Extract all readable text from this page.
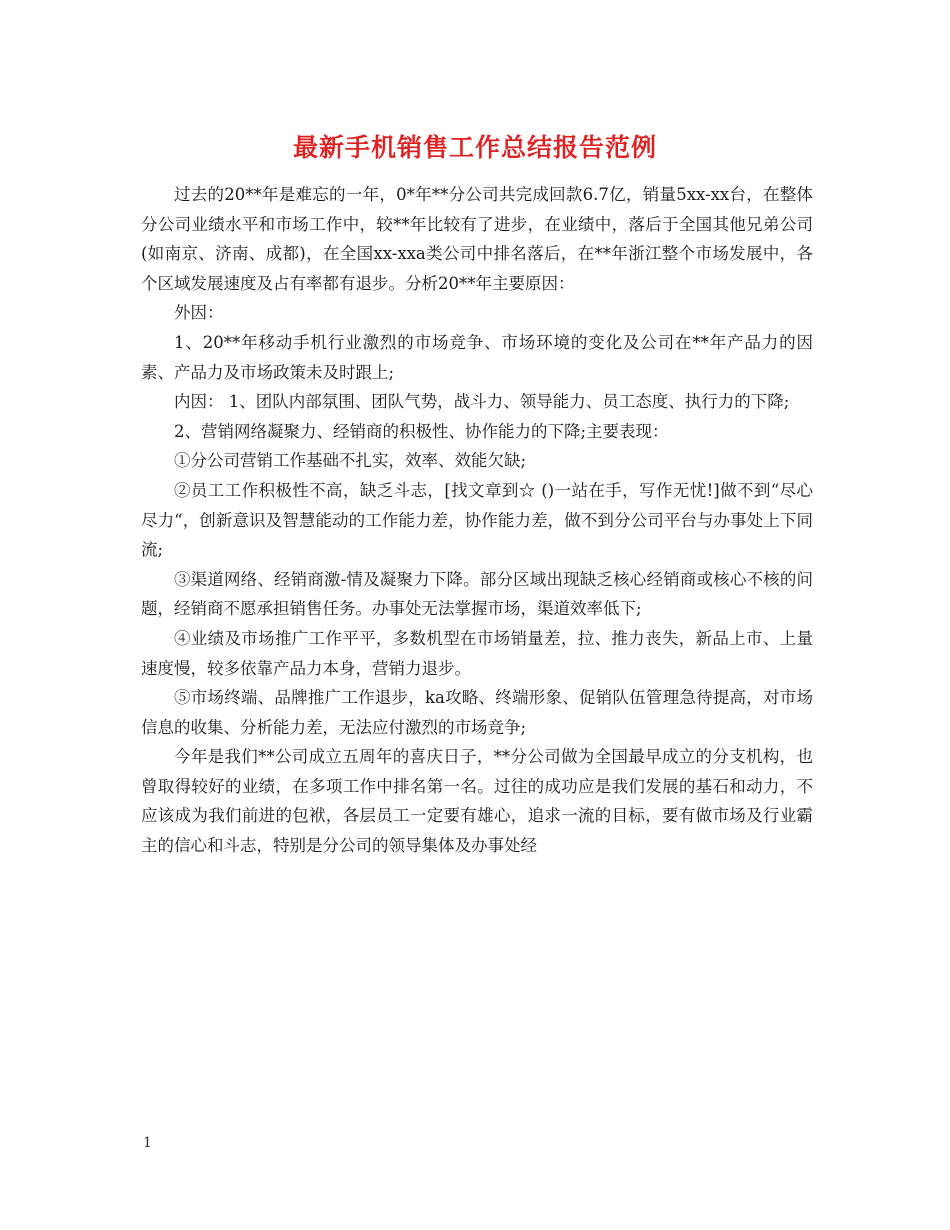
最新手机销售工作总结报告范例

过去的20**年是难忘的一年，0*年**分公司共完成回款6.7亿，销量5xx-xx台，在整体分公司业绩水平和市场工作中，较**年比较有了进步，在业绩中，落后于全国其他兄弟公司(如南京、济南、成都)，在全国xx-xxa类公司中排名落后，在**年浙江整个市场发展中，各个区域发展速度及占有率都有退步。分析20**年主要原因：

外因：

1、20**年移动手机行业激烈的市场竞争、市场环境的变化及公司在**年产品力的因素、产品力及市场政策未及时跟上;

内因： 1、团队内部氛围、团队气势，战斗力、领导能力、员工态度、执行力的下降;

2、营销网络凝聚力、经销商的积极性、协作能力的下降;主要表现：

①分公司营销工作基础不扎实，效率、效能欠缺;

②员工工作积极性不高，缺乏斗志，[找文章到☆ ()一站在手，写作无忧!]做不到“尽心尽力“，创新意识及智慧能动的工作能力差，协作能力差，做不到分公司平台与办事处上下同流;

③渠道网络、经销商激-情及凝聚力下降。部分区域出现缺乏核心经销商或核心不核的问题，经销商不愿承担销售任务。办事处无法掌握市场，渠道效率低下;

④业绩及市场推广工作平平，多数机型在市场销量差，拉、推力丧失，新品上市、上量速度慢，较多依靠产品力本身，营销力退步。

⑤市场终端、品牌推广工作退步，ka攻略、终端形象、促销队伍管理急待提高，对市场信息的收集、分析能力差，无法应付激烈的市场竞争;

今年是我们**公司成立五周年的喜庆日子，**分公司做为全国最早成立的分支机构，也曾取得较好的业绩，在多项工作中排名第一名。过往的成功应是我们发展的基石和动力，不应该成为我们前进的包袱，各层员工一定要有雄心，追求一流的目标，要有做市场及行业霸主的信心和斗志，特别是分公司的领导集体及办事处经

1
